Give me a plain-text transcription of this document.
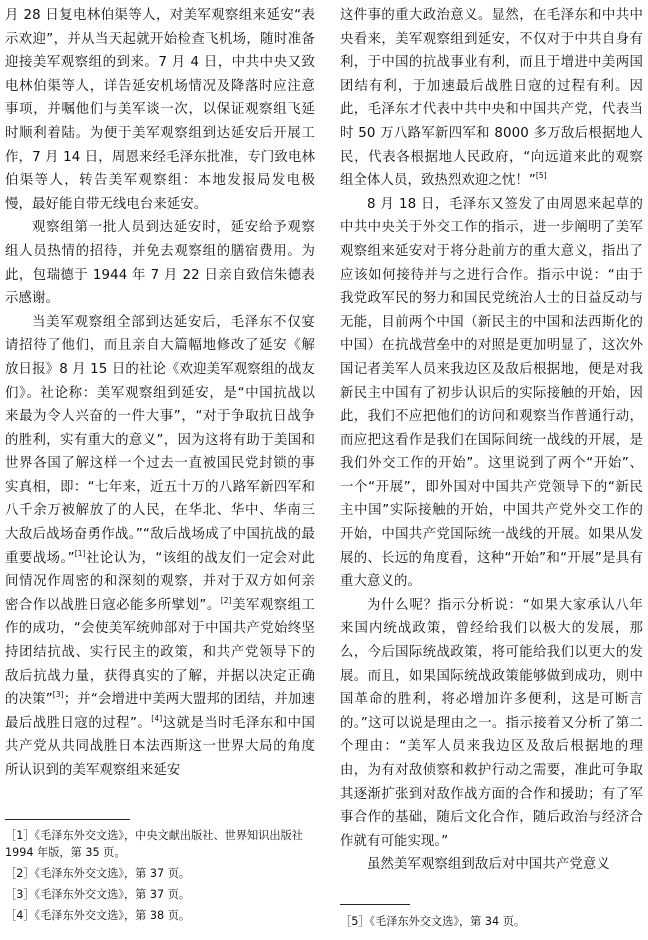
月 28 日复电林伯渠等人，对美军观察组来延安“表示欢迎”，并从当天起就开始检查飞机场，随时准备迎接美军观察组的到来。7 月 4 日，中共中央又致电林伯渠等人，详告延安机场情况及降落时应注意事项，并嘱他们与美军谈一次，以保证观察组飞延时顺利着陆。为便于美军观察组到达延安后开展工作，7 月 14 日，周恩来经毛泽东批准，专门致电林伯渠等人，转告美军观察组：本地发报局发电极慢，最好能自带无线电台来延安。

观察组第一批人员到达延安时，延安给予观察组人员热情的招待，并免去观察组的膳宿费用。为此，包瑞德于 1944 年 7 月 22 日亲自致信朱德表示感谢。

当美军观察组全部到达延安后，毛泽东不仅宴请招待了他们，而且亲自大篇幅地修改了延安《解放日报》8 月 15 日的社论《欢迎美军观察组的战友们》。社论称：美军观察组到延安，是“中国抗战以来最为令人兴奋的一件大事”，“对于争取抗日战争的胜利，实有重大的意义”，因为这将有助于美国和世界各国了解这样一个过去一直被国民党封锁的事实真相，即：“七年来，近五十万的八路军新四军和八千余万被解放了的人民，在华北、华中、华南三大敌后战场奋勇作战。”“敌后战场成了中国抗战的最重要战场。”[1]社论认为，“该组的战友们一定会对此间情况作周密的和深刻的观察，并对于双方如何亲密合作以战胜日寇必能多所擘划”。[2]美军观察组工作的成功，“会使美军统帅部对于中国共产党始终坚持团结抗战、实行民主的政策，和共产党领导下的敌后抗战力量，获得真实的了解，并据以决定正确的决策”[3]；并“会增进中美两大盟邦的团结，并加速最后战胜日寇的过程”。[4]这就是当时毛泽东和中国共产党从共同战胜日本法西斯这一世界大局的角度所认识到的美军观察组来延安

这件事的重大政治意义。显然，在毛泽东和中共中央看来，美军观察组到延安，不仅对于中共自身有利，于中国的抗战事业有利，而且于增进中美两国团结有利，于加速最后战胜日寇的过程有利。因此，毛泽东才代表中共中央和中国共产党，代表当时 50 万八路军新四军和 8000 多万敌后根据地人民，代表各根据地人民政府，“向远道来此的观察组全体人员，致热烈欢迎之忱！”[5]

8 月 18 日，毛泽东又签发了由周恩来起草的中共中央关于外交工作的指示，进一步阐明了美军观察组来延安对于将分赴前方的重大意义，指出了应该如何接待并与之进行合作。指示中说：“由于我党政军民的努力和国民党统治人士的日益反动与无能，目前两个中国（新民主的中国和法西斯化的中国）在抗战营垒中的对照是更加明显了，这次外国记者美军人员来我边区及敌后根据地，便是对我新民主中国有了初步认识后的实际接触的开始，因此，我们不应把他们的访问和观察当作普通行动，而应把这看作是我们在国际间统一战线的开展，是我们外交工作的开始”。这里说到了两个“开始”、一个“开展”，即外国对中国共产党领导下的“新民主中国”实际接触的开始，中国共产党外交工作的开始，中国共产党国际统一战线的开展。如果从发展的、长远的角度看，这种“开始”和“开展”是具有重大意义的。

为什么呢？指示分析说：“如果大家承认八年来国内统战政策，曾经给我们以极大的发展，那么，今后国际统战政策，将可能给我们以更大的发展。而且，如果国际统战政策能够做到成功，则中国革命的胜利，将必增加许多便利，这是可断言的。”这可以说是理由之一。指示接着又分析了第二个理由：“美军人员来我边区及敌后根据地的理由，为有对敌侦察和救护行动之需要，准此可争取其逐渐扩张到对敌作战方面的合作和援助；有了军事合作的基础，随后文化合作，随后政治与经济合作就有可能实现。”

虽然美军观察组到敌后对中国共产党意义

［1］《毛泽东外交文选》，中央文献出版社、世界知识出版社 1994 年版，第 35 页。

［2］《毛泽东外交文选》，第 37 页。

［3］《毛泽东外交文选》，第 37 页。

［4］《毛泽东外交文选》，第 38 页。	［5］《毛泽东外交文选》，第 34 页。
